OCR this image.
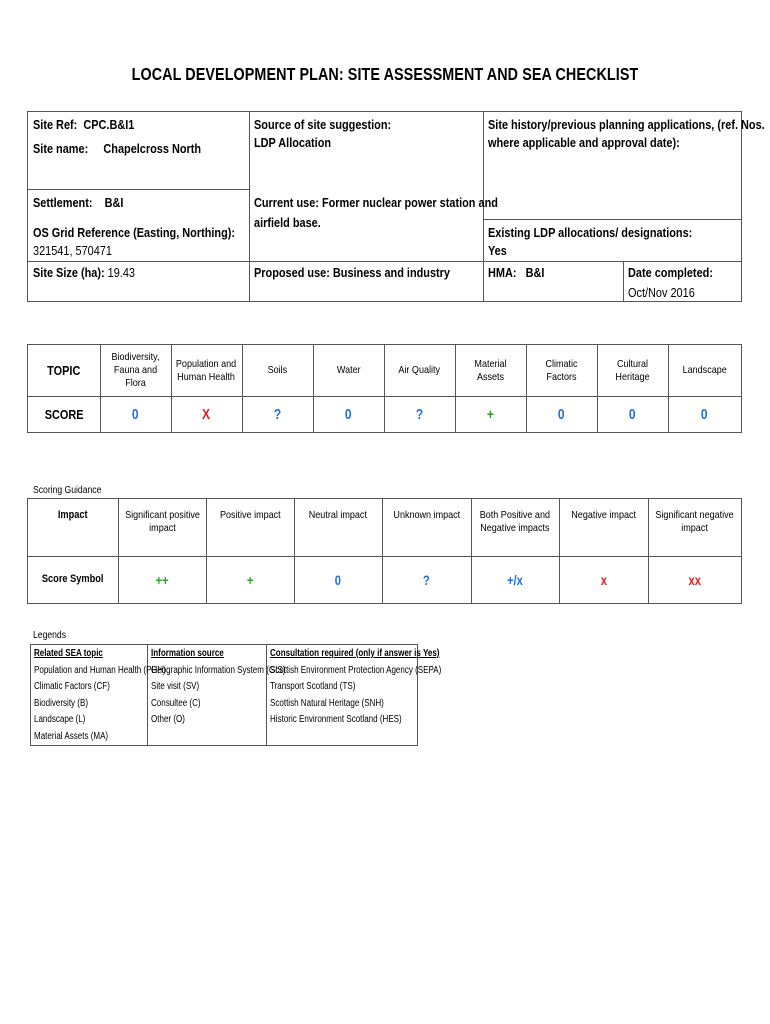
LOCAL DEVELOPMENT PLAN: SITE ASSESSMENT AND SEA CHECKLIST
Site Ref: CPC.B&I1
Site name: Chapelcross North
Settlement: B&I
OS Grid Reference (Easting, Northing):
321541, 570471
Site Size (ha): 19.43
Source of site suggestion:
LDP Allocation
Current use: Former nuclear power station and
airfield base.
Proposed use: Business and industry
Site history/previous planning applications, (ref. Nos.
where applicable and approval date):
Existing LDP allocations/ designations:
Yes
HMA: B&I	Date completed:
Oct/Nov 2016
TOPIC
SCORE
Biodiversity,
Fauna and Flora
0
Population and
Human Health
X
Soils
?
Water
0
Air Quality
?
Material Assets
+
Climatic Factors
0
Cultural Heritage
0
Landscape
0
Scoring Guidance
Impact
Score Symbol
Significant positive
impact
++
Positive impact
+
Neutral impact
0
Unknown impact
?
Both Positive and
Negative impacts
+/x
Negative impact
x
Significant negative
impact
xx
Legends
Related SEA topic
Population and Human Health (PHH)
Climatic Factors (CF)
Biodiversity (B)
Landscape (L)
Material Assets (MA)
Information source
Geographic Information System (GIS)
Site visit (SV)
Consultee (C)
Other (O)
Consultation required (only if answer is Yes)
Scottish Environment Protection Agency (SEPA)
Transport Scotland (TS)
Scottish Natural Heritage (SNH)
Historic Environment Scotland (HES)
